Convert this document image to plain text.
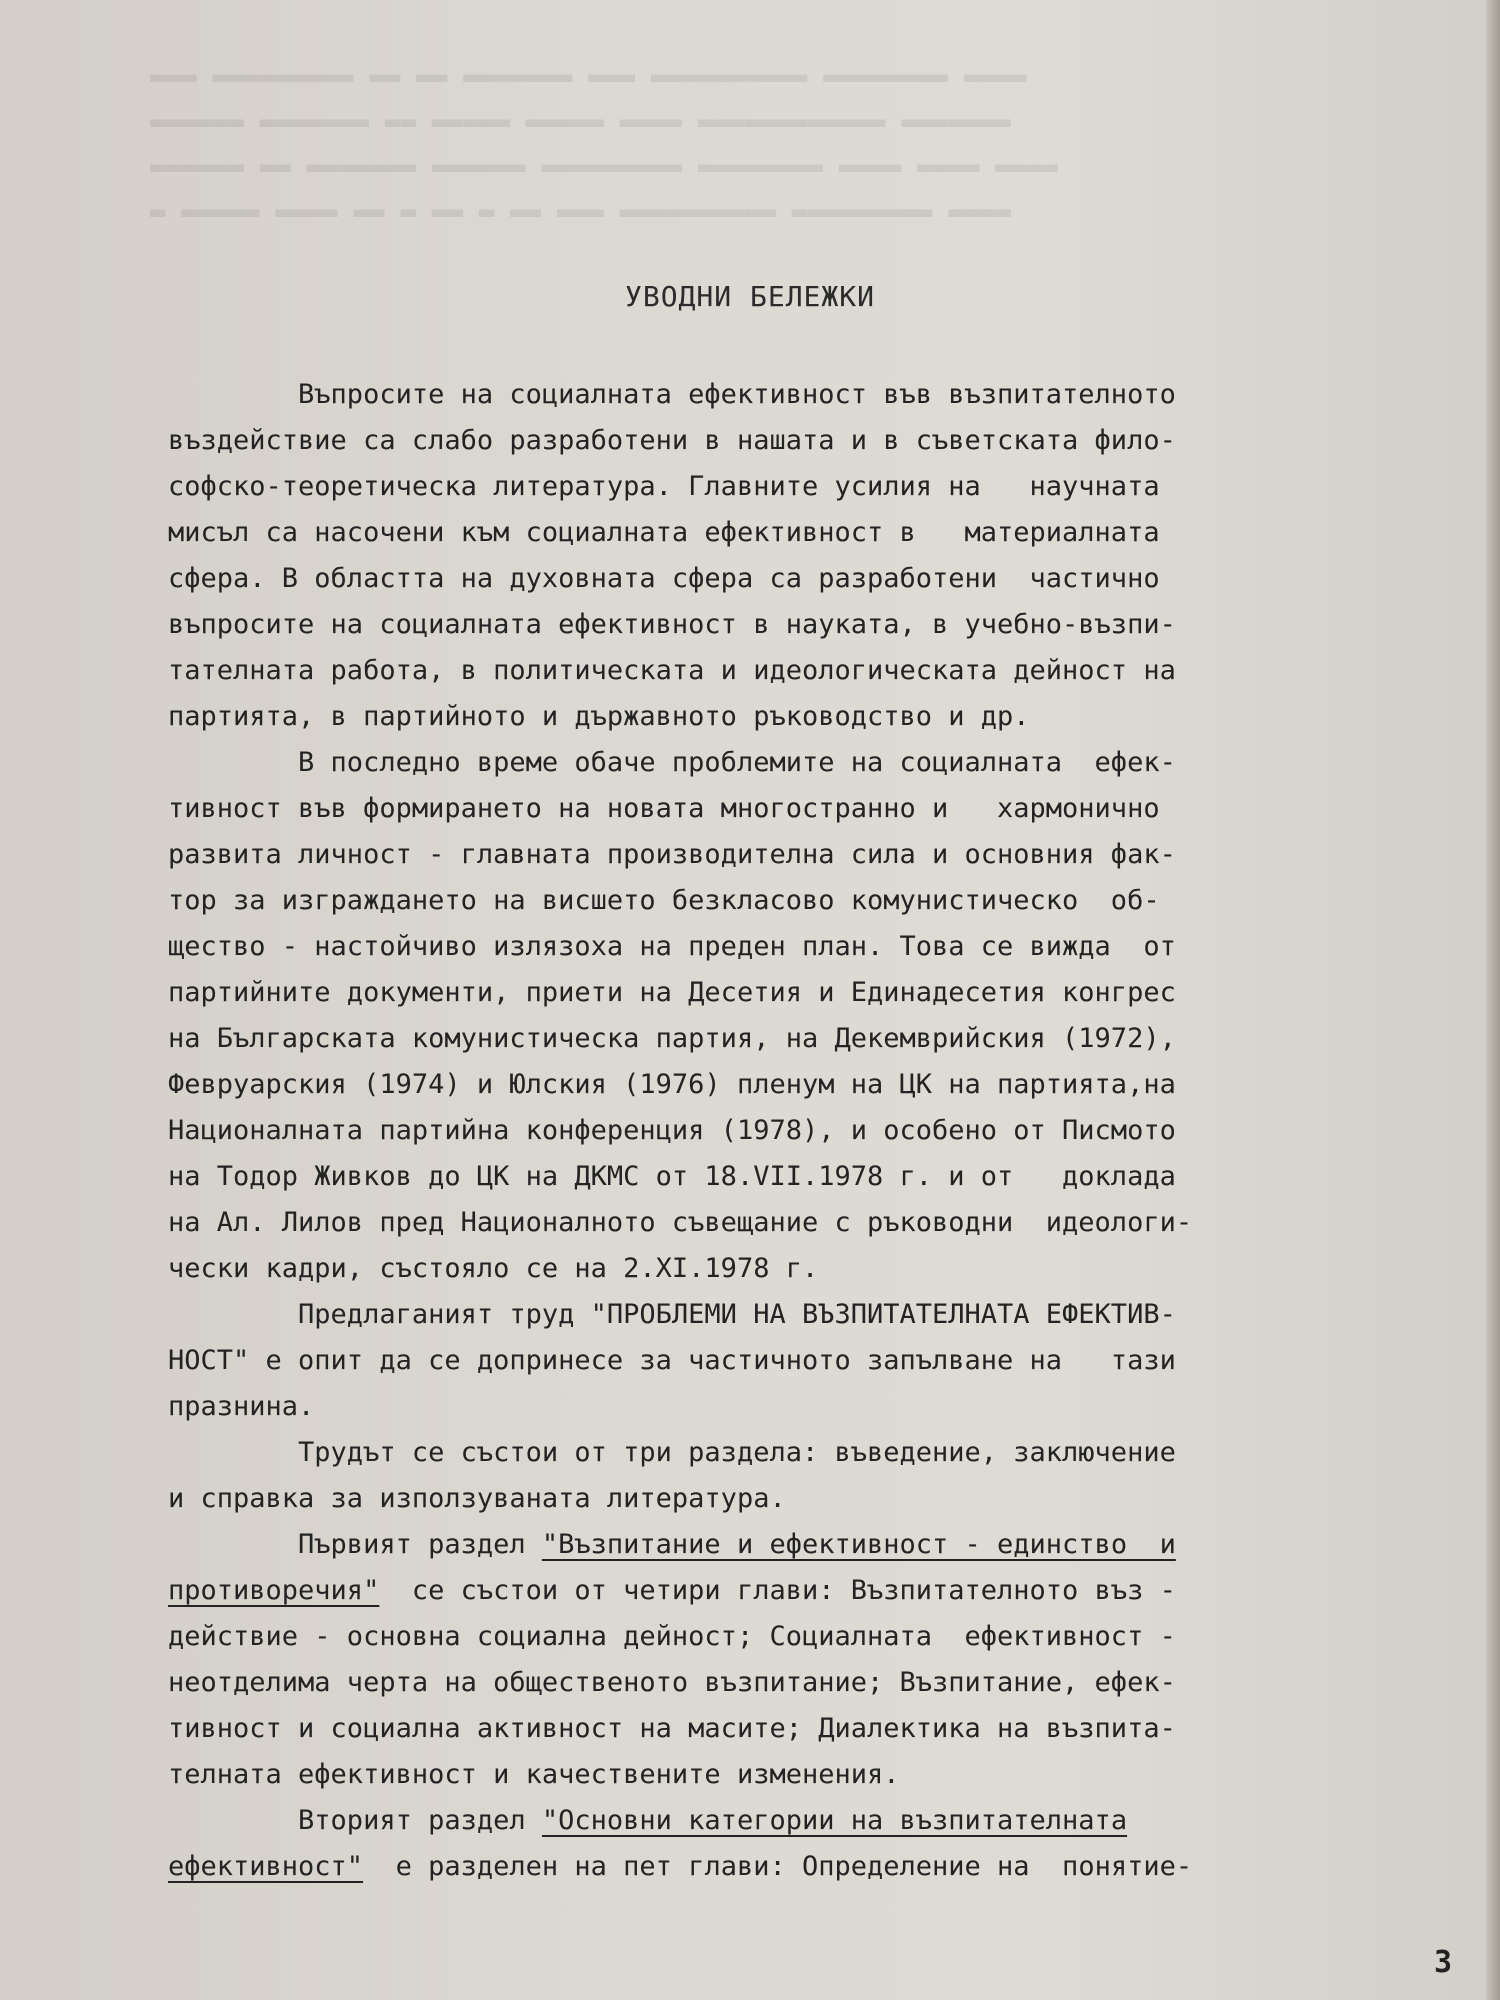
▬▬▬ ▬▬▬▬▬▬▬▬▬ ▬▬ ▬▬ ▬▬▬▬▬▬▬ ▬▬▬ ▬▬▬▬▬▬▬▬▬▬ ▬▬▬▬▬▬▬▬ ▬▬▬▬
▬▬▬▬▬▬ ▬▬▬▬▬▬▬ ▬▬ ▬▬▬▬▬ ▬▬▬▬▬ ▬▬▬▬ ▬▬▬▬▬▬▬▬▬▬▬▬ ▬▬▬▬▬▬▬
▬▬▬▬▬▬ ▬▬ ▬▬▬▬▬▬▬ ▬▬▬▬▬▬ ▬▬▬▬▬▬▬▬▬ ▬▬▬▬▬▬▬▬ ▬▬▬▬ ▬▬▬▬ ▬▬▬▬
▬ ▬▬▬▬▬ ▬▬▬▬ ▬▬ ▬ ▬▬ ▬ ▬▬ ▬▬▬ ▬▬▬▬▬▬▬▬▬▬ ▬▬▬▬▬▬▬▬▬ ▬▬▬▬
УВОДНИ БЕЛЕЖКИ
Въпросите на социалната ефективност във възпитателното
въздействие са слабо разработени в нашата и в съветската фило-
софско-теоретическа литература. Главните усилия на   научната
мисъл са насочени към социалната ефективност в   материалната
сфера. В областта на духовната сфера са разработени  частично
въпросите на социалната ефективност в науката, в учебно-възпи-
тателната работа, в политическата и идеологическата дейност на
партията, в партийното и държавното ръководство и др.
В последно време обаче проблемите на социалната  ефек-
тивност във формирането на новата многостранно и   хармонично
развита личност - главната производителна сила и основния фак-
тор за изграждането на висшето безкласово комунистическо  об-
щество - настойчиво излязоха на преден план. Това се вижда  от
партийните документи, приети на Десетия и Единадесетия конгрес
на Българската комунистическа партия, на Декемврийския (1972),
Февруарския (1974) и Юлския (1976) пленум на ЦК на партията,на
Националната партийна конференция (1978), и особено от Писмото
на Тодор Живков до ЦК на ДКМС от 18.VII.1978 г. и от   доклада
на Ал. Лилов пред Националното съвещание с ръководни  идеологи-
чески кадри, състояло се на 2.XI.1978 г.
Предлаганият труд "ПРОБЛЕМИ НА ВЪЗПИТАТЕЛНАТА ЕФЕКТИВ-
НОСТ" е опит да се допринесе за частичното запълване на   тази
празнина.
Трудът се състои от три раздела: въведение, заключение
и справка за използуваната литература.
Първият раздел "Възпитание и ефективност - единство  и
противоречия"  се състои от четири глави: Възпитателното въз -
действие - основна социална дейност; Социалната  ефективност -
неотделима черта на общественото възпитание; Възпитание, ефек-
тивност и социална активност на масите; Диалектика на възпита-
телната ефективност и качествените изменения.
Вторият раздел "Основни категории на възпитателната
ефективност"  е разделен на пет глави: Определение на  понятие-
3
